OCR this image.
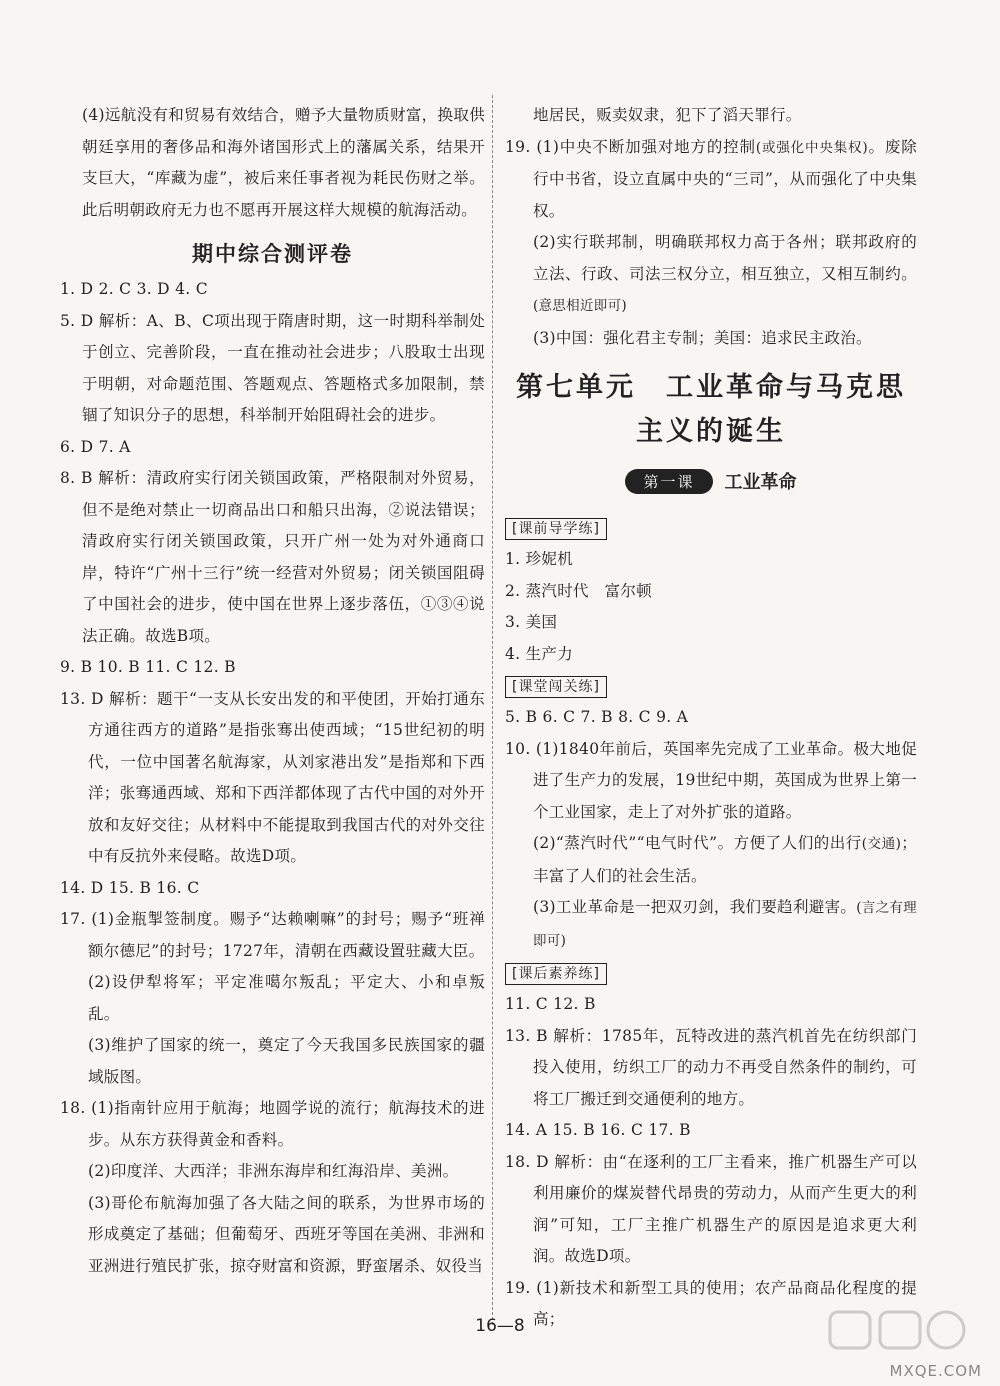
(4)远航没有和贸易有效结合，赠予大量物质财富，换取供朝廷享用的奢侈品和海外诸国形式上的藩属关系，结果开支巨大，“库藏为虚”，被后来任事者视为耗民伤财之举。此后明朝政府无力也不愿再开展这样大规模的航海活动。

期中综合测评卷

1. D 2. C 3. D 4. C

5. D 解析：A、B、C项出现于隋唐时期，这一时期科举制处于创立、完善阶段，一直在推动社会进步；八股取士出现于明朝，对命题范围、答题观点、答题格式多加限制，禁锢了知识分子的思想，科举制开始阻碍社会的进步。

6. D 7. A

8. B 解析：清政府实行闭关锁国政策，严格限制对外贸易，但不是绝对禁止一切商品出口和船只出海，②说法错误；清政府实行闭关锁国政策，只开广州一处为对外通商口岸，特许“广州十三行”统一经营对外贸易；闭关锁国阻碍了中国社会的进步，使中国在世界上逐步落伍，①③④说法正确。故选B项。

9. B 10. B 11. C 12. B

13. D 解析：题干“一支从长安出发的和平使团，开始打通东方通往西方的道路”是指张骞出使西域；“15世纪初的明代，一位中国著名航海家，从刘家港出发”是指郑和下西洋；张骞通西域、郑和下西洋都体现了古代中国的对外开放和友好交往；从材料中不能提取到我国古代的对外交往中有反抗外来侵略。故选D项。

14. D 15. B 16. C

17. (1)金瓶掣签制度。赐予“达赖喇嘛”的封号；赐予“班禅额尔德尼”的封号；1727年，清朝在西藏设置驻藏大臣。

(2)设伊犁将军；平定准噶尔叛乱；平定大、小和卓叛乱。

(3)维护了国家的统一，奠定了今天我国多民族国家的疆域版图。

18. (1)指南针应用于航海；地圆学说的流行；航海技术的进步。从东方获得黄金和香料。

(2)印度洋、大西洋；非洲东海岸和红海沿岸、美洲。

(3)哥伦布航海加强了各大陆之间的联系，为世界市场的形成奠定了基础；但葡萄牙、西班牙等国在美洲、非洲和亚洲进行殖民扩张，掠夺财富和资源，野蛮屠杀、奴役当

地居民，贩卖奴隶，犯下了滔天罪行。

19. (1)中央不断加强对地方的控制(或强化中央集权)。废除行中书省，设立直属中央的“三司”，从而强化了中央集权。

(2)实行联邦制，明确联邦权力高于各州；联邦政府的立法、行政、司法三权分立，相互独立，又相互制约。(意思相近即可)

(3)中国：强化君主专制；美国：追求民主政治。

第七单元　工业革命与马克思
主义的诞生
第一课 工业革命
[课前导学练]

1. 珍妮机

2. 蒸汽时代　富尔顿

3. 美国

4. 生产力

[课堂闯关练]

5. B 6. C 7. B 8. C 9. A

10. (1)1840年前后，英国率先完成了工业革命。极大地促进了生产力的发展，19世纪中期，英国成为世界上第一个工业国家，走上了对外扩张的道路。

(2)“蒸汽时代”“电气时代”。方便了人们的出行(交通)；丰富了人们的社会生活。

(3)工业革命是一把双刃剑，我们要趋利避害。(言之有理即可)

[课后素养练]

11. C 12. B

13. B 解析：1785年，瓦特改进的蒸汽机首先在纺织部门投入使用，纺织工厂的动力不再受自然条件的制约，可将工厂搬迁到交通便利的地方。

14. A 15. B 16. C 17. B

18. D 解析：由“在逐利的工厂主看来，推广机器生产可以利用廉价的煤炭替代昂贵的劳动力，从而产生更大的利润”可知，工厂主推广机器生产的原因是追求更大利润。故选D项。

19. (1)新技术和新型工具的使用；农产品商品化程度的提高；

16—8
MXQE.COM
